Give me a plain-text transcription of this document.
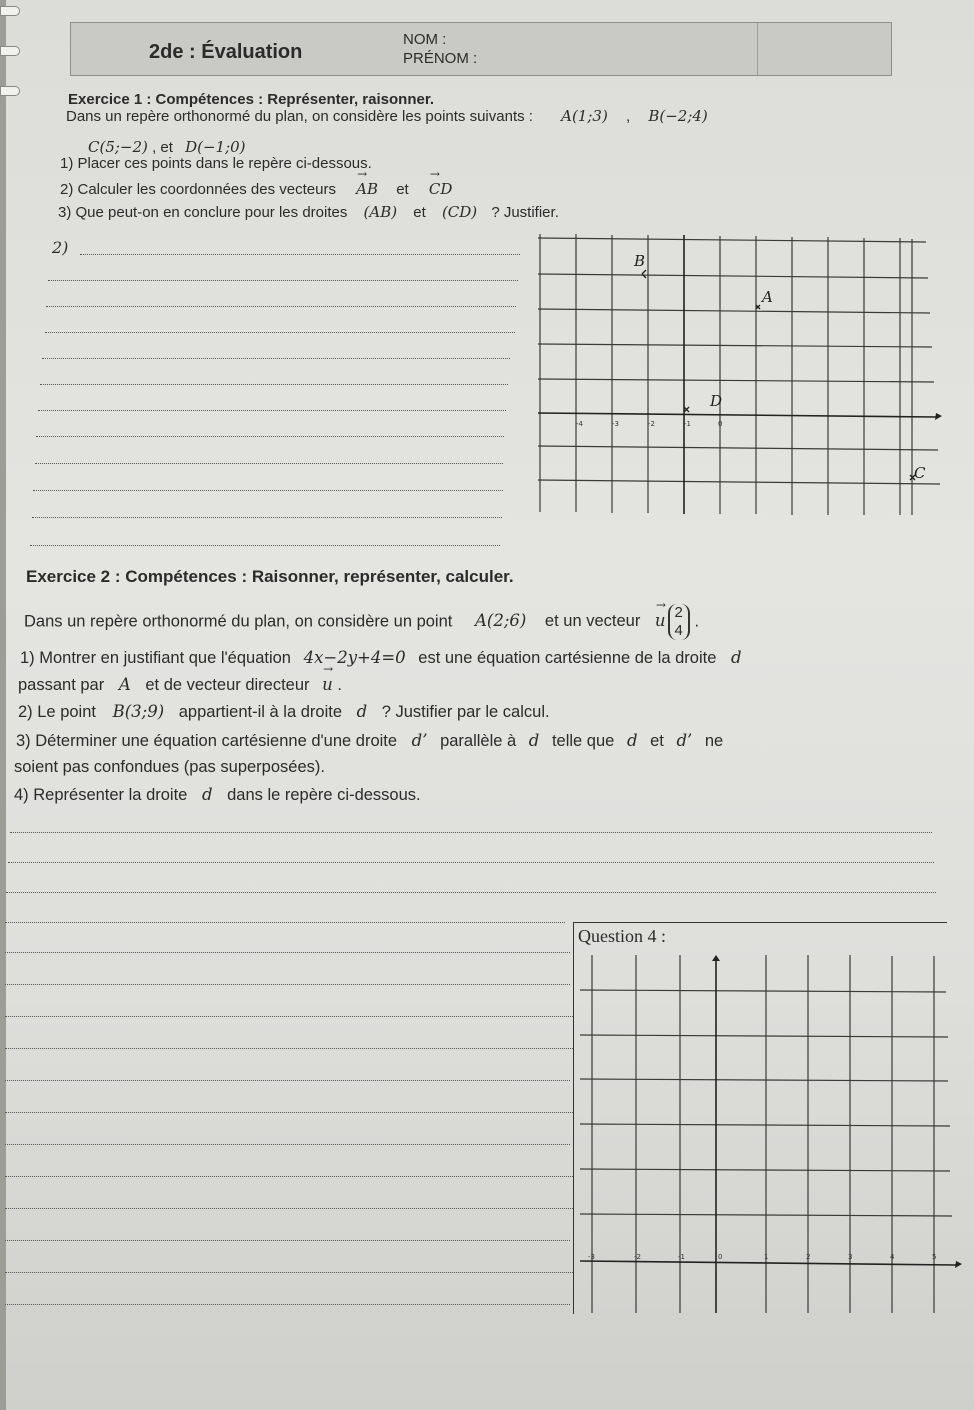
2de : Évaluation
NOM :
PRÉNOM :
Exercice 1 : Compétences : Représenter, raisonner.
Dans un repère orthonormé du plan, on considère les points suivants : A(1;3) , B(−2;4)
C(5;−2) , et D(−1;0)
1) Placer ces points dans le repère ci-dessous.
2) Calculer les coordonnées des vecteurs → AB et → CD
3) Que peut-on en conclure pour les droites (AB) et (CD) ? Justifier.
2)
-4	-3	-2	-1	0
B
A
D
C
Exercice 2 : Compétences : Raisonner, représenter, calculer.
Dans un repère orthonormé du plan, on considère un point A(2;6) et un vecteur → u 2
4 .
1) Montrer en justifiant que l'équation 4x−2y+4=0 est une équation cartésienne de la droite d
passant par A et de vecteur directeur → u .
2) Le point B(3;9) appartient-il à la droite d ? Justifier par le calcul.
3) Déterminer une équation cartésienne d'une droite d’ parallèle à d telle que d et d’ ne
soient pas confondues (pas superposées).
4) Représenter la droite d dans le repère ci-dessous.
Question 4 :
-3	-2	-1	0	1	2	3	4	5
